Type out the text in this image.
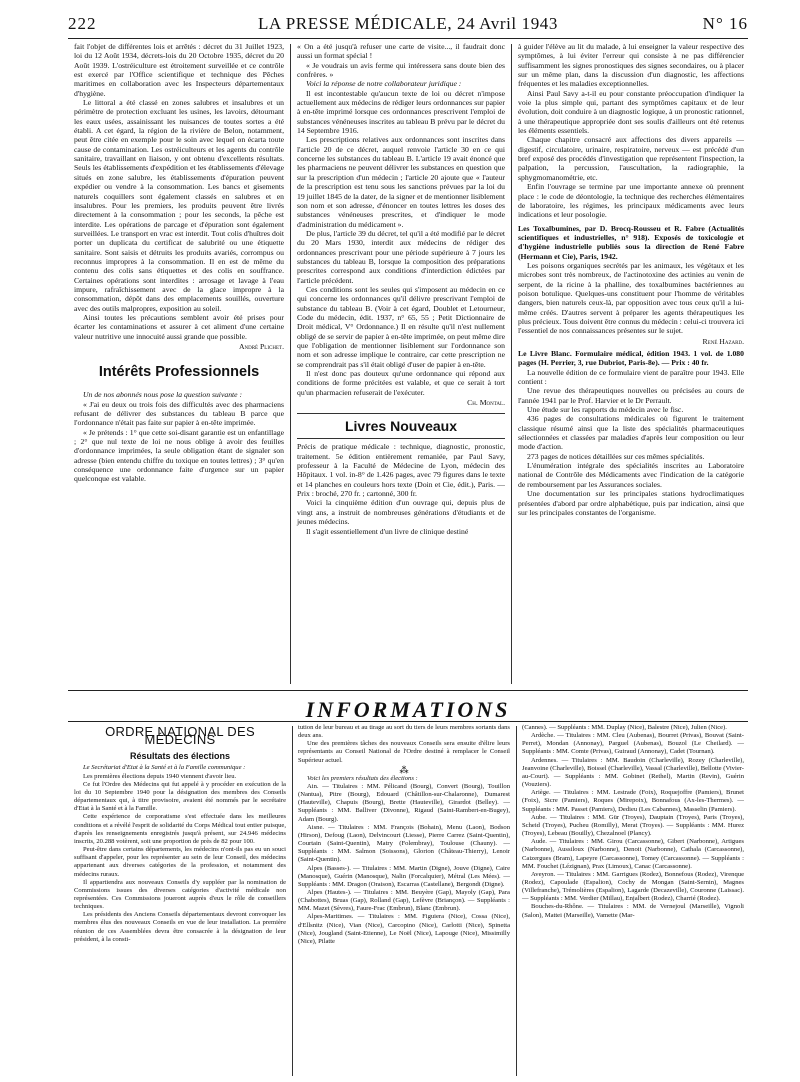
222	LA PRESSE MÉDICALE, 24 Avril 1943	N° 16

fait l'objet de différentes lois et arrêtés : décret du 31 Juillet 1923, loi du 12 Août 1934, décrets-lois du 20 Octobre 1935, décret du 20 Août 1939. L'ostréiculture est étroitement surveillée et ce contrôle est exercé par l'Office scientifique et technique des Pêches maritimes en collaboration avec les Inspecteurs départementaux d'hygiène.

Le littoral a été classé en zones salubres et insalubres et un périmètre de protection excluant les usines, les lavoirs, détournant les eaux usées, assainissant les nuisances de toutes sortes a été établi. A cet égard, la région de la rivière de Belon, notamment, peut être citée en exemple pour le soin avec lequel on écarta toute cause de contamination. Les ostréiculteurs et les agents du contrôle sanitaire, travaillant en liaison, y ont obtenu d'excellents résultats. Seuls les établissements d'expédition et les établissements d'élevage situés en zone salubre, les établissements d'épuration peuvent expédier ou vendre à la consommation. Les bancs et gisements naturels coquillers sont également classés en salubres et en insalubres. Pour les premiers, les produits peuvent être livrés directement à la consommation ; pour les seconds, la pêche est interdite. Les opérations de parcage et d'épuration sont également surveillées. Le transport en vrac est interdit. Tout colis d'huîtres doit porter un duplicata du certificat de salubrité ou une étiquette sanitaire. Sont saisis et détruits les produits avariés, corrompus ou reconnus impropres à la consommation. Il en est de même du contenu des colis sans étiquettes et des colis en souffrance. Certaines opérations sont interdites : arrosage et lavage à l'eau impure, rafraîchissement avec de la glace impropre à la consommation, dépôt dans des emplacements souillés, ouverture avec des outils malpropres, exposition au soleil.

Ainsi toutes les précautions semblent avoir été prises pour écarter les contaminations et assurer à cet aliment d'une certaine valeur nutritive une innocuité aussi grande que possible.

André Plichet.

Intérêts Professionnels

Un de nos abonnés nous pose la question suivante :

« J'ai eu deux ou trois fois des difficultés avec des pharmaciens refusant de délivrer des substances du tableau B parce que l'ordonnance n'était pas faite sur papier à en-tête imprimée.

« Je prétends : 1° que cette soi-disant garantie est un enfantillage ; 2° que nul texte de loi ne nous oblige à avoir des feuilles d'ordonnance imprimées, la seule obligation étant de signaler son adresse (bien entendu chiffre du toxique en toutes lettres) ; 3° qu'en conséquence une ordonnance faite d'urgence sur un papier quelconque est valable.

« On a été jusqu'à refuser une carte de visite..., il faudrait donc aussi un format spécial !

« Je voudrais un avis ferme qui intéressera sans doute bien des confrères. »

Voici la réponse de notre collaborateur juridique :

Il est incontestable qu'aucun texte de loi ou décret n'impose actuellement aux médecins de rédiger leurs ordonnances sur papier à en-tête imprimé lorsque ces ordonnances prescrivent l'emploi de substances vénéneuses inscrites au tableau B prévu par le décret du 14 Septembre 1916.

Les prescriptions relatives aux ordonnances sont inscrites dans l'article 20 de ce décret, auquel renvoie l'article 30 en ce qui concerne les substances du tableau B. L'article 19 avait énoncé que les pharmaciens ne peuvent délivrer les substances en question que sur la prescription d'un médecin ; l'article 20 ajoute que « l'auteur de la prescription est tenu sous les sanctions prévues par la loi du 19 juillet 1845 de la dater, de la signer et de mentionner lisiblement son nom et son adresse, d'énoncer en toutes lettres les doses des substances vénéneuses prescrites, et d'indiquer le mode d'administration du médicament ».

De plus, l'article 39 du décret, tel qu'il a été modifié par le décret du 20 Mars 1930, interdit aux médecins de rédiger des ordonnances prescrivant pour une période supérieure à 7 jours les substances du tableau B, lorsque la composition des préparations prescrites correspond aux conditions d'interdiction édictées par l'article précédent.

Ces conditions sont les seules qui s'imposent au médecin en ce qui concerne les ordonnances qu'il délivre prescrivant l'emploi de substance du tableau B. (Voir à cet égard, Doublet et Letourneur, Code du médecin, édit. 1937, n° 65, 55 ; Petit Dictionnaire de Droit médical, V° Ordonnance.) Il en résulte qu'il n'est nullement obligé de se servir de papier à en-tête imprimée, on peut même dire que l'obligation de mentionner lisiblement sur l'ordonnance son nom et son adresse implique le contraire, car cette prescription ne se comprendrait pas s'il était obligé d'user de papier à en-tête.

Il n'est donc pas douteux qu'une ordonnance qui répond aux conditions de forme précitées est valable, et que ce serait à tort qu'un pharmacien refuserait de l'exécuter.

Ch. Montal.

Livres Nouveaux

Précis de pratique médicale : technique, diagnostic, pronostic, traitement. 5e édition entièrement remaniée, par Paul Savy, professeur à la Faculté de Médecine de Lyon, médecin des Hôpitaux. 1 vol. in-8° de 1.426 pages, avec 79 figures dans le texte et 14 planches en couleurs hors texte (Doin et Cie, édit.), Paris. — Prix : broché, 270 fr. ; cartonné, 300 fr.

Voici la cinquième édition d'un ouvrage qui, depuis plus de vingt ans, a instruit de nombreuses générations d'étudiants et de jeunes médecins.

Il s'agit essentiellement d'un livre de clinique destiné

à guider l'élève au lit du malade, à lui enseigner la valeur respective des symptômes, à lui éviter l'erreur qui consiste à ne pas différencier suffisamment les signes pronostiques des signes secondaires, ou à placer sur un même plan, dans la discussion d'un diagnostic, les affections fréquentes et les maladies exceptionnelles.

Ainsi Paul Savy a-t-il eu pour constante préoccupation d'indiquer la voie la plus simple qui, partant des symptômes capitaux et de leur évolution, doit conduire à un diagnostic logique, à un pronostic rationnel, à une thérapeutique appropriée dont ses soulis d'ailleurs ont été retenus les éléments essentiels.

Chaque chapitre consacré aux affections des divers appareils — digestif, circulatoire, urinaire, respiratoire, nerveux — est précédé d'un bref exposé des procédés d'investigation que représentent l'inspection, la palpation, la percussion, l'auscultation, la radiographie, la sphygmomanométrie, etc.

Enfin l'ouvrage se termine par une importante annexe où prennent place : le code de déontologie, la technique des recherches élémentaires de laboratoire, les régimes, les principaux médicaments avec leurs indications et leur posologie.

Les Toxalbumines, par D. Brocq-Rousseu et R. Fabre (Actualités scientifiques et industrielles, n° 918). Exposés de toxicologie et d'hygiène industrielle publiés sous la direction de René Fabre (Hermann et Cie), Paris, 1942.

Les poisons organiques secrétés par les animaux, les végétaux et les microbes sont très nombreux, de l'actinotoxine des actinies au venin de serpent, de la ricine à la phalline, des toxalbumines bactériennes au poison botulique. Quelques-uns constituent pour l'homme de véritables dangers, bien naturels ceux-là, par opposition avec tous ceux qu'il a lui-même créés. D'autres servent à préparer les agents thérapeutiques les plus précieux. Tous doivent être connus du médecin : celui-ci trouvera ici l'essentiel de nos connaissances présentes sur le sujet.

René Hazard.

Le Livre Blanc. Formulaire médical, édition 1943. 1 vol. de 1.080 pages (H. Perrier, 3, rue Dubriot, Paris-8e). — Prix : 40 fr.

La nouvelle édition de ce formulaire vient de paraître pour 1943. Elle contient :

Une revue des thérapeutiques nouvelles ou précisées au cours de l'année 1941 par le Prof. Harvier et le Dr Perrault.

Une étude sur les rapports du médecin avec le fisc.

436 pages de consultations médicales où figurent le traitement classique résumé ainsi que la liste des spécialités pharmaceutiques sélectionnées et classées par maladies d'après leur composition ou leur mode d'action.

273 pages de notices détaillées sur ces mêmes spécialités.

L'énumération intégrale des spécialités inscrites au Laboratoire national de Contrôle des Médicaments avec l'indication de la catégorie de remboursement par les Assurances sociales.

Une documentation sur les principales stations hydroclimatiques présentées d'abord par ordre alphabétique, puis par indication, ainsi que sur les principales constantes de l'organisme.

INFORMATIONS
ORDRE NATIONAL DES MÉDECINS
Résultats des élections

Le Secrétariat d'Etat à la Santé et à la Famille communique :

Les premières élections depuis 1940 viennent d'avoir lieu.

Ce fut l'Ordre des Médecins qui fut appelé à y procéder en exécution de la loi du 10 Septembre 1940 pour la désignation des membres des Conseils départementaux qui, à titre provisoire, avaient été nommés par le secrétaire d'Etat à la Santé et à la Famille.

Cette expérience de corporatisme s'est effectuée dans les meilleures conditions et a révélé l'esprit de solidarité du Corps Médical tout entier puisque, d'après les renseignements enregistrés jusqu'à présent, sur 24.946 médecins inscrits, 20.288 votèrent, soit une proportion de près de 82 pour 100.

Peut-être dans certains départements, les médecins n'ont-ils pas eu un souci suffisant d'appeler, pour les représenter au sein de leur Conseil, des médecins appartenant aux diverses catégories de la profession, et notamment des médecins ruraux.

Il appartiendra aux nouveaux Conseils d'y suppléer par la nomination de Commissions issues des diverses catégories d'activité médicale non représentées. Ces Commissions joueront auprès d'eux le rôle de conseillers techniques.

Les présidents des Anciens Conseils départementaux devront convoquer les membres élus des nouveaux Conseils en vue de leur installation. La première réunion de ces Assemblées devra être consacrée à la désignation de leur président, à la consti-

tution de leur bureau et au tirage au sort du tiers de leurs membres sortants dans deux ans.

Une des premières tâches des nouveaux Conseils sera ensuite d'élire leurs représentants au Conseil National de l'Ordre destiné à remplacer le Conseil Supérieur actuel.

⁂

Voici les premiers résultats des élections :

Ain. — Titulaires : MM. Pélicand (Bourg), Convert (Bourg), Touillon (Nantua), Pitre (Bourg), Edouard (Châtillon-sur-Chalaronne), Dumarest (Hauteville), Chapuis (Bourg), Brette (Hauteville), Girardot (Belley). — Suppléants : MM. Balliver (Divonne), Rigaud (Saint-Rambert-en-Bugey), Adam (Bourg).

Aisne. — Titulaires : MM. François (Bohain), Menu (Laon), Bodson (Hirson), Defoug (Laon), Delvincourt (Liesse), Pierre Carrez (Saint-Quentin), Courtain (Saint-Quentin), Matry (Folembray), Toulouse (Chauny). — Suppléants : MM. Salmon (Soissons), Glorion (Château-Thierry), Lenoir (Saint-Quentin).

Alpes (Basses-). — Titulaires : MM. Martin (Digne), Jouve (Digne), Caire (Manosque), Guérin (Manosque), Nalin (Forcalquier), Métral (Les Mées). — Suppléants : MM. Dragon (Oraison), Escarras (Castellane), Bergondi (Digne).

Alpes (Hautes-). — Titulaires : MM. Beuyère (Gap), Mayoly (Gap), Para (Chabottes), Bruas (Gap), Rolland (Gap), Lefèvre (Briançon). — Suppléants : MM. Mazet (Sèvres), Faure-Frac (Embrun), Blanc (Embrun).

Alpes-Maritimes. — Titulaires : MM. Figuiera (Nice), Cossa (Nice), d'Ellsnitz (Nice), Vian (Nice), Carcopino (Nice), Carlotti (Nice), Spinetta (Nice), Jougland (Saint-Etienne), Le Noël (Nice), Lapouge (Nice), Missimilly (Nice), Pilatte

(Cannes). — Suppléants : MM. Duplay (Nice), Balestre (Nice), Julien (Nice).

Ardèche. — Titulaires : MM. Cleu (Aubenas), Bourret (Privas), Bouvat (Saint-Perret), Mondan (Annonay), Parguel (Aubenas), Bouzol (Le Cheilard). — Suppléants : MM. Comte (Privas), Guiraud (Annonay), Cadet (Tournan).

Ardennes. — Titulaires : MM. Baudoin (Charleville), Rozey (Charleville), Jeanvoine (Charleville), Boissel (Charleville), Vassal (Charleville), Bellotte (Vivier-au-Court). — Suppléants : MM. Gobinet (Rethel), Martin (Revin), Guérin (Vouziers).

Ariège. — Titulaires : MM. Lestrade (Foix), Roquejoffre (Pamiers), Brunet (Foix), Sicre (Pamiers), Roques (Mirepoix), Bonnafous (Ax-les-Thermes). — Suppléants : MM. Passet (Pamiers), Dedieu (Les Cabannes), Masselin (Pamiers).

Aube. — Titulaires : MM. Gür (Troyes), Dauptain (Troyes), Paris (Troyes), Scheid (Troyes), Pucheu (Romilly), Merat (Troyes). — Suppléants : MM. Hurez (Troyes), Lebeau (Bouilly), Chezalnoel (Plancy).

Aude. — Titulaires : MM. Girou (Carcassonne), Gibert (Narbonne), Artigues (Narbonne), Aussiloux (Narbonne), Denoit (Narbonne), Cathala (Carcassonne), Caizergues (Bram), Lapeyre (Carcassonne), Tomey (Carcassonne). — Suppléants : MM. Fouchet (Lézignan), Prax (Limoux), Canac (Carcassonne).

Aveyron. — Titulaires : MM. Garrigues (Rodez), Bonnefous (Rodez), Virenque (Rodez), Capoulade (Espalion), Cochy de Mongan (Saint-Sernin), Magnes (Villefranche), Trémolières (Espalion), Lagarde (Decazeville), Couronne (Laissac). — Suppléants : MM. Verdier (Millau), Enjalbert (Rodez), Charrié (Rodez).

Bouches-du-Rhône. — Titulaires : MM. de Vernejoul (Marseille), Vignoli (Salon), Mattei (Marseille), Vamette (Mar-
